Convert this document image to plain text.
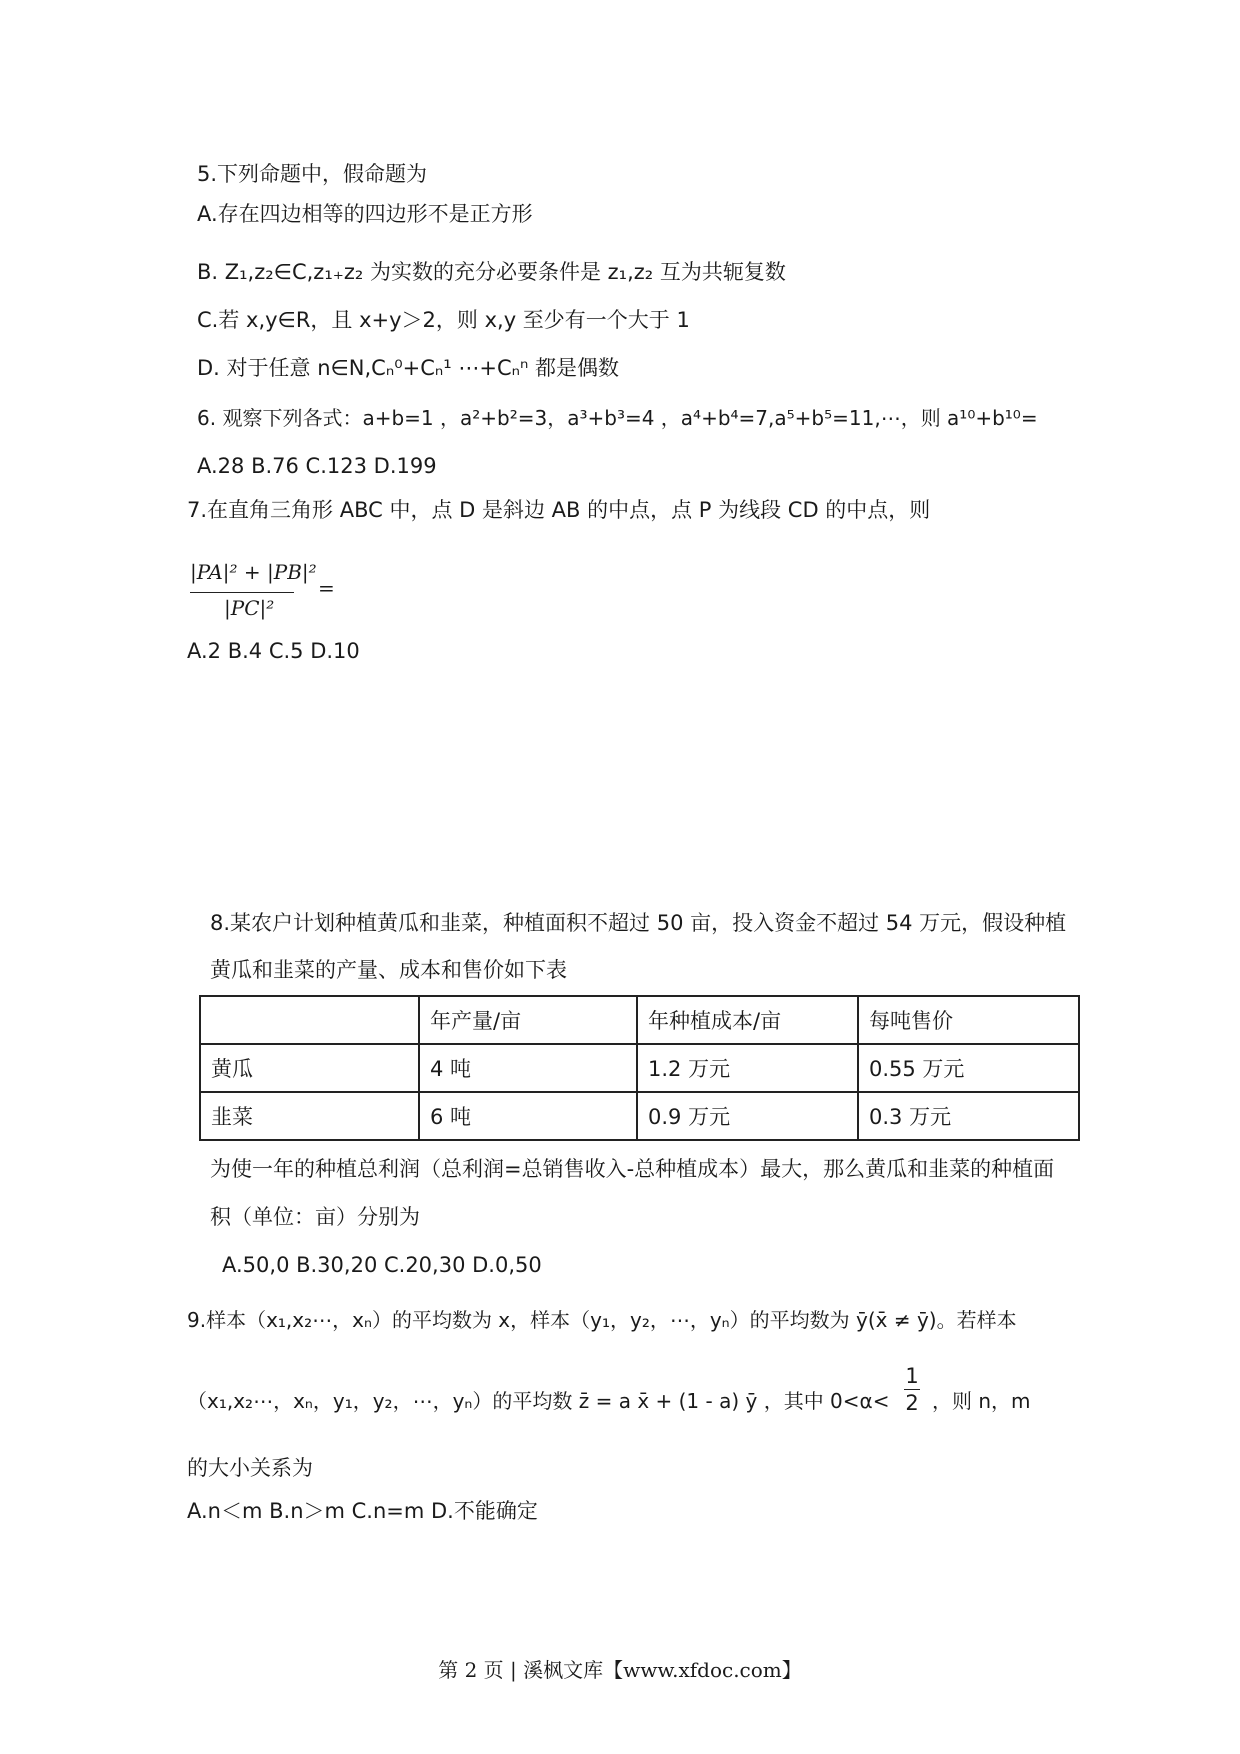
5.下列命题中，假命题为
A.存在四边相等的四边形不是正方形
B. Z₁,z₂∈C,z₁₊z₂ 为实数的充分必要条件是 z₁,z₂ 互为共轭复数
C.若 x,y∈R，且 x+y＞2，则 x,y 至少有一个大于 1
D. 对于任意 n∈N,Cₙ⁰+Cₙ¹ ⋯+Cₙⁿ 都是偶数
6. 观察下列各式：a+b=1 ，a²+b²=3，a³+b³=4 ，a⁴+b⁴=7,a⁵+b⁵=11,⋯，则 a¹⁰+b¹⁰=
A.28 B.76 C.123 D.199
7.在直角三角形 ABC 中，点 D 是斜边 AB 的中点，点 P 为线段 CD 的中点，则
|PA|² + |PB|²
|PC|²
=
A.2 B.4 C.5 D.10
8.某农户计划种植黄瓜和韭菜，种植面积不超过 50 亩，投入资金不超过 54 万元，假设种植
黄瓜和韭菜的产量、成本和售价如下表
	年产量/亩	年种植成本/亩	每吨售价
黄瓜	4 吨	1.2 万元	0.55 万元
韭菜	6 吨	0.9 万元	0.3 万元
为使一年的种植总利润（总利润=总销售收入-总种植成本）最大，那么黄瓜和韭菜的种植面
积（单位：亩）分别为
A.50,0 B.30,20 C.20,30 D.0,50
9.样本（x₁,x₂⋯，xₙ）的平均数为 x，样本（y₁，y₂，⋯，yₙ）的平均数为 ȳ(x̄ ≠ ȳ)。若样本
（x₁,x₂⋯，xₙ，y₁，y₂，⋯，yₙ）的平均数 z̄ = a x̄ + (1 - a) ȳ ，其中 0<α<
1
2 ，则 n，m
的大小关系为
A.n＜m B.n＞m C.n=m D.不能确定
第 2 页 | 溪枫文库【www.xfdoc.com】
